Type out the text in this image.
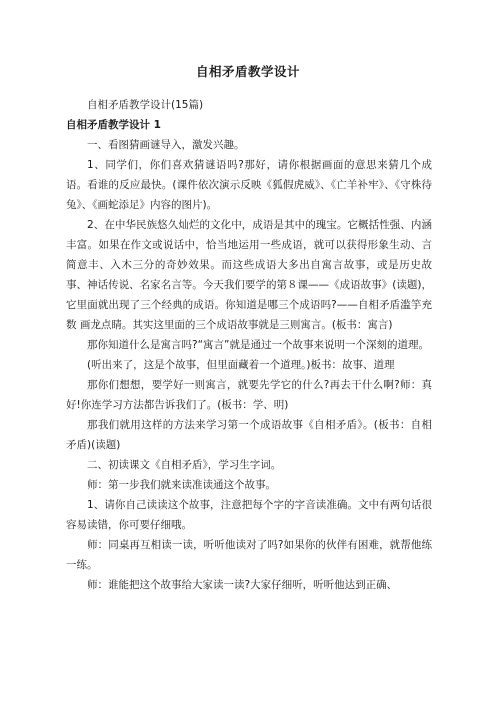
自相矛盾教学设计

自相矛盾教学设计(15篇)

自相矛盾教学设计 1

一、看图猜画谜导入，激发兴趣。

1、同学们，你们喜欢猜谜语吗?那好，请你根据画面的意思来猜几个成语。看谁的反应最快。(课件依次演示反映《狐假虎威》、《亡羊补牢》、《守株待兔》、《画蛇添足》内容的图片)。

2、在中华民族悠久灿烂的文化中，成语是其中的瑰宝。它概括性强、内涵丰富。如果在作文或说话中，恰当地运用一些成语，就可以获得形象生动、言简意丰、入木三分的奇妙效果。而这些成语大多出自寓言故事，或是历史故事、神话传说、名家名言等。今天我们要学的第８课——《成语故事》(读题)，它里面就出现了三个经典的成语。你知道是哪三个成语吗?——自相矛盾滥竽充数 画龙点睛。其实这里面的三个成语故事就是三则寓言。(板书：寓言)

那你知道什么是寓言吗?“寓言”就是通过一个故事来说明一个深刻的道理。

(听出来了，这是个故事，但里面藏着一个道理。)板书：故事、道理

那你们想想，要学好一则寓言，就要先学它的什么?再去干什么啊?师：真好!你连学习方法都告诉我们了。(板书：学、明)

那我们就用这样的方法来学习第一个成语故事《自相矛盾》。(板书：自相矛盾)(读题)

二、初读课文《自相矛盾》，学习生字词。

师：第一步我们就来读准读通这个故事。

1、请你自己读读这个故事，注意把每个字的字音读准确。文中有两句话很容易读错，你可要仔细哦。

师：同桌再互相读一读，听听他读对了吗?如果你的伙伴有困难，就帮他练一练。

师：谁能把这个故事给大家读一读?大家仔细听，听听他达到正确、
